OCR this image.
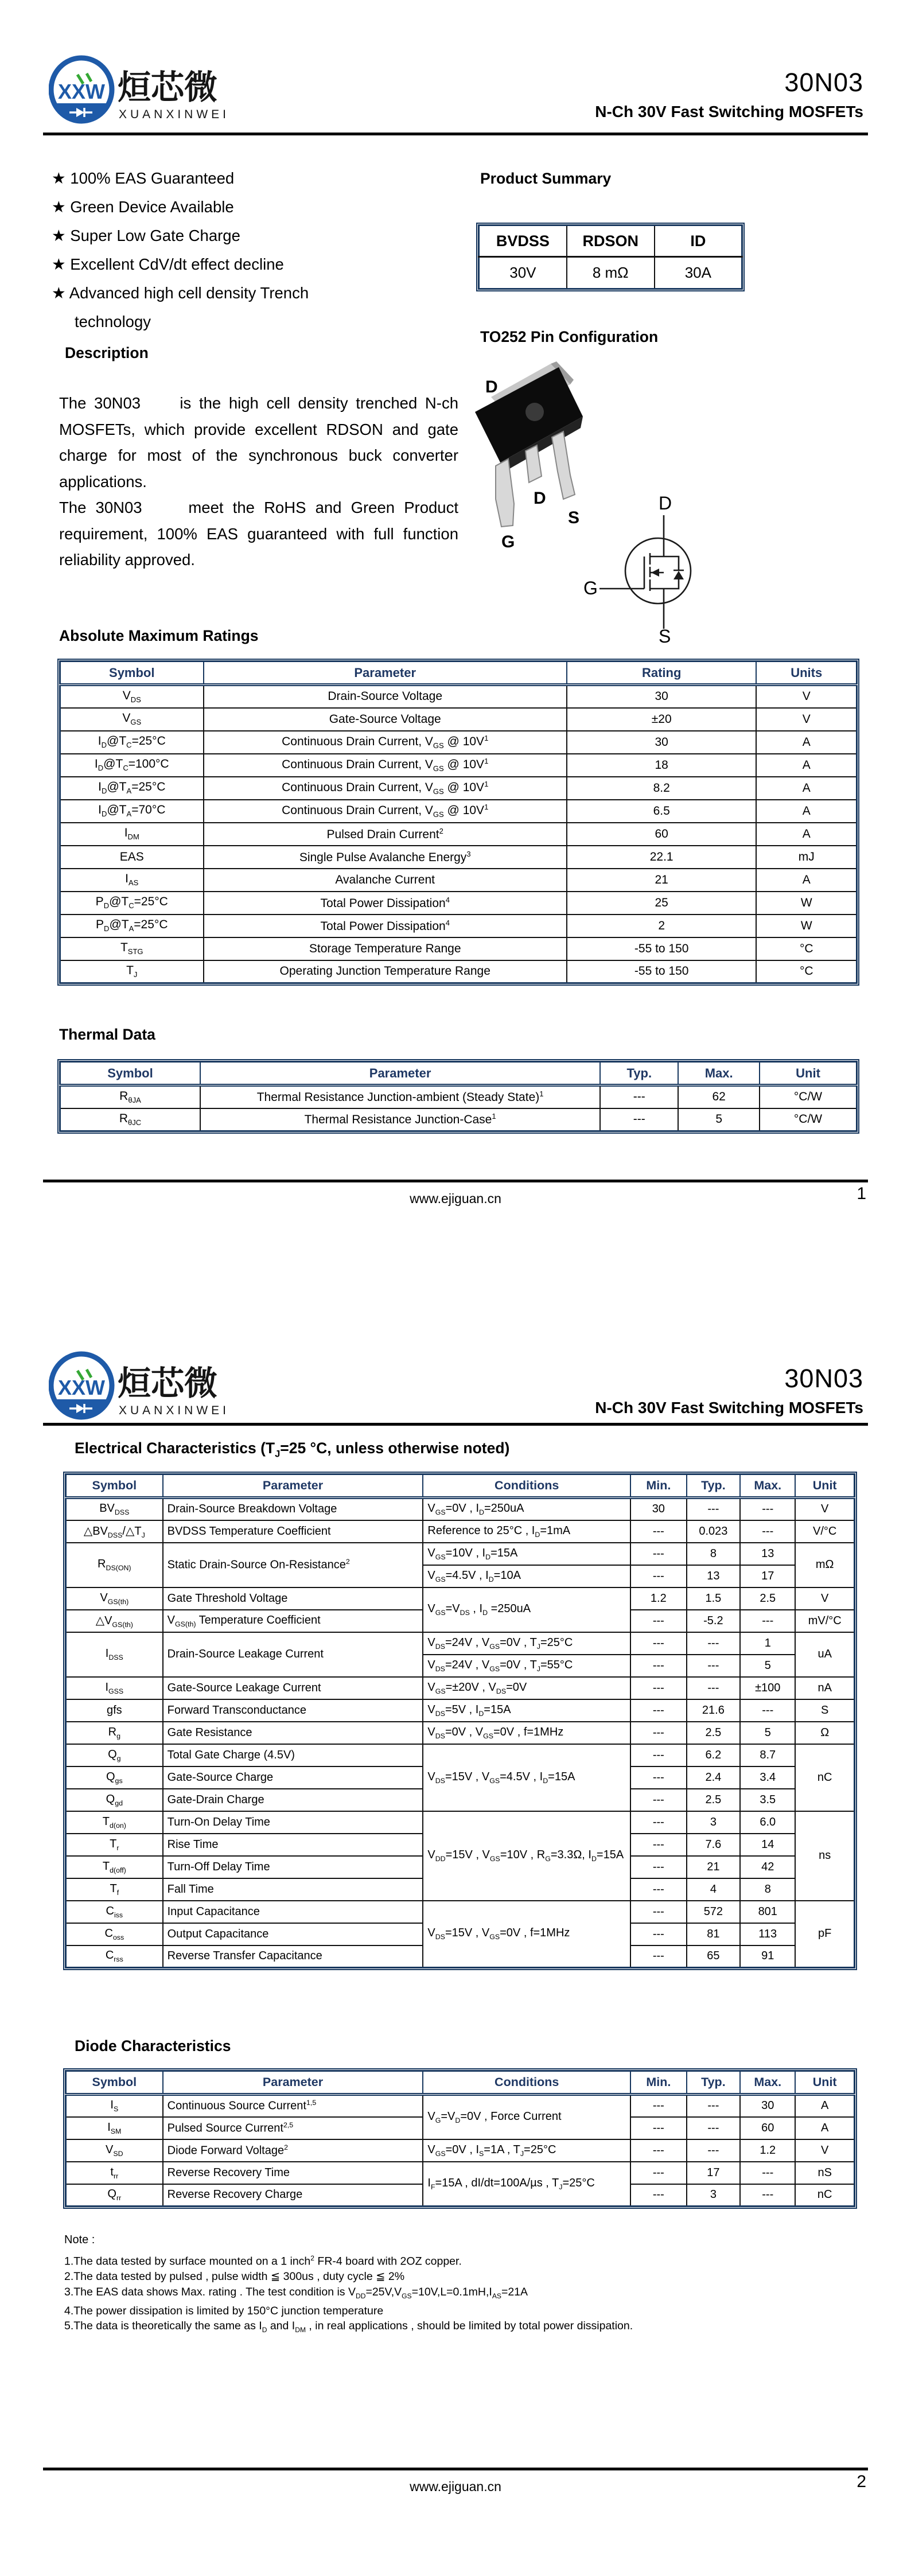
XXW 烜芯微
XUANXINWEI
30N03
N-Ch 30V Fast Switching MOSFETs
★ 100% EAS Guaranteed
★ Green Device Available
★ Super Low Gate Charge
★ Excellent CdV/dt effect decline
★ Advanced high cell density Trench technology
Product Summary
BVDSS	RDSON	ID
30V	8 mΩ	30A
TO252 Pin Configuration
D
G
D
S
D
G
S
Description

The 30N03     is the high cell density trenched N-ch MOSFETs, which provide excellent RDSON and gate charge for most of the synchronous buck converter applications.

The 30N03     meet the RoHS and Green Product requirement, 100% EAS guaranteed with full function reliability approved.

Absolute Maximum Ratings
Symbol	Parameter	Rating	Units
$V_{DS}$	Drain-Source Voltage	30	V
$V_{GS}$	Gate-Source Voltage	±20	V
$I_D@T_C=25^\circ C$	Continuous Drain Current, $V_{GS}$ @ $10V^1$	30	A
$I_D@T_C=100^\circ C$	Continuous Drain Current, $V_{GS}$ @ $10V^1$	18	A
$I_D@T_A=25^\circ C$	Continuous Drain Current, $V_{GS}$ @ $10V^1$	8.2	A
$I_D@T_A=70^\circ C$	Continuous Drain Current, $V_{GS}$ @ $10V^1$	6.5	A
$I_{DM}$	Pulsed Drain Current$^2$	60	A
EAS	Single Pulse Avalanche Energy$^3$	22.1	mJ
$I_{AS}$	Avalanche Current	21	A
$P_D@T_C=25^\circ C$	Total Power Dissipation$^4$	25	W
$P_D@T_A=25^\circ C$	Total Power Dissipation$^4$	2	W
$T_{STG}$	Storage Temperature Range	-55 to 150	°C
$T_J$	Operating Junction Temperature Range	-55 to 150	°C
Thermal Data
Symbol	Parameter	Typ.	Max.	Unit
$R_{\theta JA}$	Thermal Resistance Junction-ambient (Steady State)$^1$	---	62	°C/W
$R_{\theta JC}$	Thermal Resistance Junction-Case$^1$	---	5	°C/W
www.ejiguan.cn	1
XXW 烜芯微
XUANXINWEI
30N03
N-Ch 30V Fast Switching MOSFETs
Electrical Characteristics ($T_J=25$ °C, unless otherwise noted)
Symbol	Parameter	Conditions	Min.	Typ.	Max.	Unit
$BV_{DSS}$	Drain-Source Breakdown Voltage	$V_{GS}=0V$ , $I_D=250uA$	30	---	---	V
$\triangle BV_{DSS}/\triangle T_J$	BVDSS Temperature Coefficient	Reference to 25°C , $I_D=1mA$	---	0.023	---	V/°C
$R_{DS(ON)}$	Static Drain-Source On-Resistance$^2$	$V_{GS}=10V$ , $I_D=15A$	---	8	13	mΩ
		$V_{GS}=4.5V$ , $I_D=10A$	---	13	17	
$V_{GS(th)}$	Gate Threshold Voltage	$V_{GS}=V_{DS}$ , $I_D =250uA$	1.2	1.5	2.5	V
$\triangle V_{GS(th)}$	$V_{GS(th)}$ Temperature Coefficient		---	-5.2	---	mV/°C
$I_{DSS}$	Drain-Source Leakage Current	$V_{DS}=24V$ , $V_{GS}=0V$ , $T_J=25^\circ C$	---	---	1	uA
		$V_{DS}=24V$ , $V_{GS}=0V$ , $T_J=55^\circ C$	---	---	5	
$I_{GSS}$	Gate-Source Leakage Current	$V_{GS}=\pm 20V$ , $V_{DS}=0V$	---	---	±100	nA
gfs	Forward Transconductance	$V_{DS}=5V$ , $I_D=15A$	---	21.6	---	S
$R_g$	Gate Resistance	$V_{DS}=0V$ , $V_{GS}=0V$ , f=1MHz	---	2.5	5	Ω
$Q_g$	Total Gate Charge (4.5V)	$V_{DS}=15V$ , $V_{GS}=4.5V$ , $I_D=15A$	---	6.2	8.7	nC
$Q_{gs}$	Gate-Source Charge		---	2.4	3.4	
$Q_{gd}$	Gate-Drain Charge		---	2.5	3.5	
$T_{d(on)}$	Turn-On Delay Time	$V_{DD}=15V$ , $V_{GS}=10V$ , $R_G=3.3\Omega$, $I_D=15A$	---	3	6.0	ns
$T_r$	Rise Time		---	7.6	14	
$T_{d(off)}$	Turn-Off Delay Time		---	21	42	
$T_f$	Fall Time		---	4	8	
$C_{iss}$	Input Capacitance	$V_{DS}=15V$ , $V_{GS}=0V$ , f=1MHz	---	572	801	pF
$C_{oss}$	Output Capacitance		---	81	113	
$C_{rss}$	Reverse Transfer Capacitance		---	65	91	
Diode Characteristics
Symbol	Parameter	Conditions	Min.	Typ.	Max.	Unit
$I_S$	Continuous Source Current$^{1,5}$	$V_G=V_D=0V$ , Force Current	---	---	30	A
$I_{SM}$	Pulsed Source Current$^{2,5}$		---	---	60	A
$V_{SD}$	Diode Forward Voltage$^2$	$V_{GS}=0V$ , $I_S=1A$ , $T_J=25^\circ C$	---	---	1.2	V
$t_{rr}$	Reverse Recovery Time	$I_F=15A$ , dI/dt=100A/µs , $T_J=25^\circ C$	---	17	---	nS
$Q_{rr}$	Reverse Recovery Charge		---	3	---	nC
Note :

1.The data tested by surface mounted on a 1 inch$^2$ FR-4 board with 2OZ copper.

2.The data tested by pulsed , pulse width ≦ 300us , duty cycle ≦ 2%

3.The EAS data shows Max. rating . The test condition is $V_{DD}=25V,V_{GS}=10V,L=0.1mH,I_{AS}=21A$

4.The power dissipation is limited by 150°C junction temperature

5.The data is theoretically the same as $I_D$ and $I_{DM}$ , in real applications , should be limited by total power dissipation.

www.ejiguan.cn	2
